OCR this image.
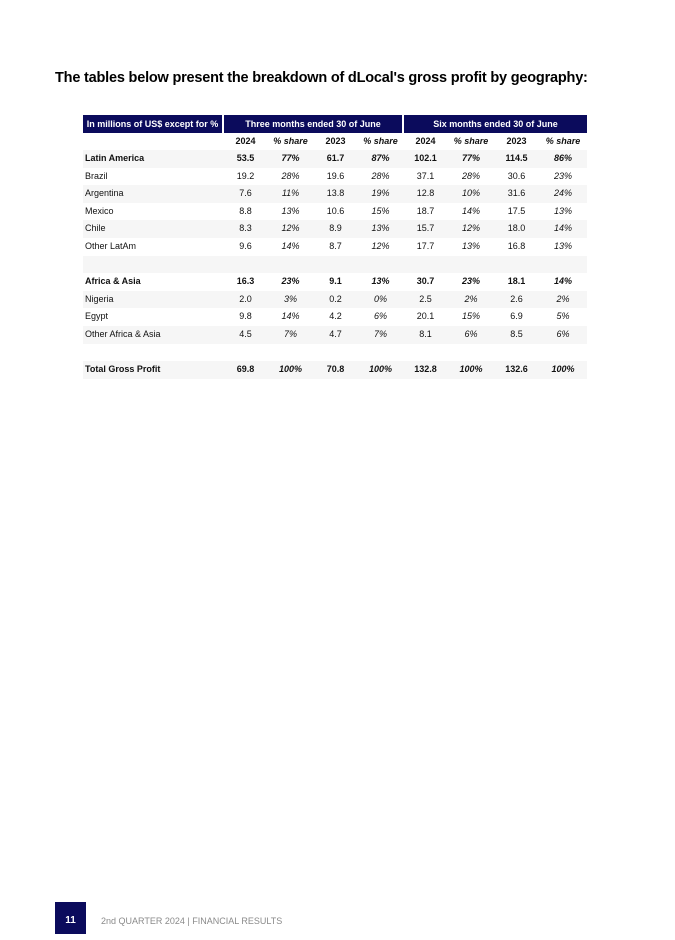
The tables below present the breakdown of dLocal's gross profit by geography:
In millions of US$ except for %	Three months ended 30 of June				Six months ended 30 of June			
	2024	% share	2023	% share	2024	% share	2023	% share
Latin America	53.5	77%	61.7	87%	102.1	77%	114.5	86%
Brazil	19.2	28%	19.6	28%	37.1	28%	30.6	23%
Argentina	7.6	11%	13.8	19%	12.8	10%	31.6	24%
Mexico	8.8	13%	10.6	15%	18.7	14%	17.5	13%
Chile	8.3	12%	8.9	13%	15.7	12%	18.0	14%
Other LatAm	9.6	14%	8.7	12%	17.7	13%	16.8	13%

Africa & Asia	16.3	23%	9.1	13%	30.7	23%	18.1	14%
Nigeria	2.0	3%	0.2	0%	2.5	2%	2.6	2%
Egypt	9.8	14%	4.2	6%	20.1	15%	6.9	5%
Other Africa & Asia	4.5	7%	4.7	7%	8.1	6%	8.5	6%

Total Gross Profit	69.8	100%	70.8	100%	132.8	100%	132.6	100%
11	2nd QUARTER 2024 | FINANCIAL RESULTS
